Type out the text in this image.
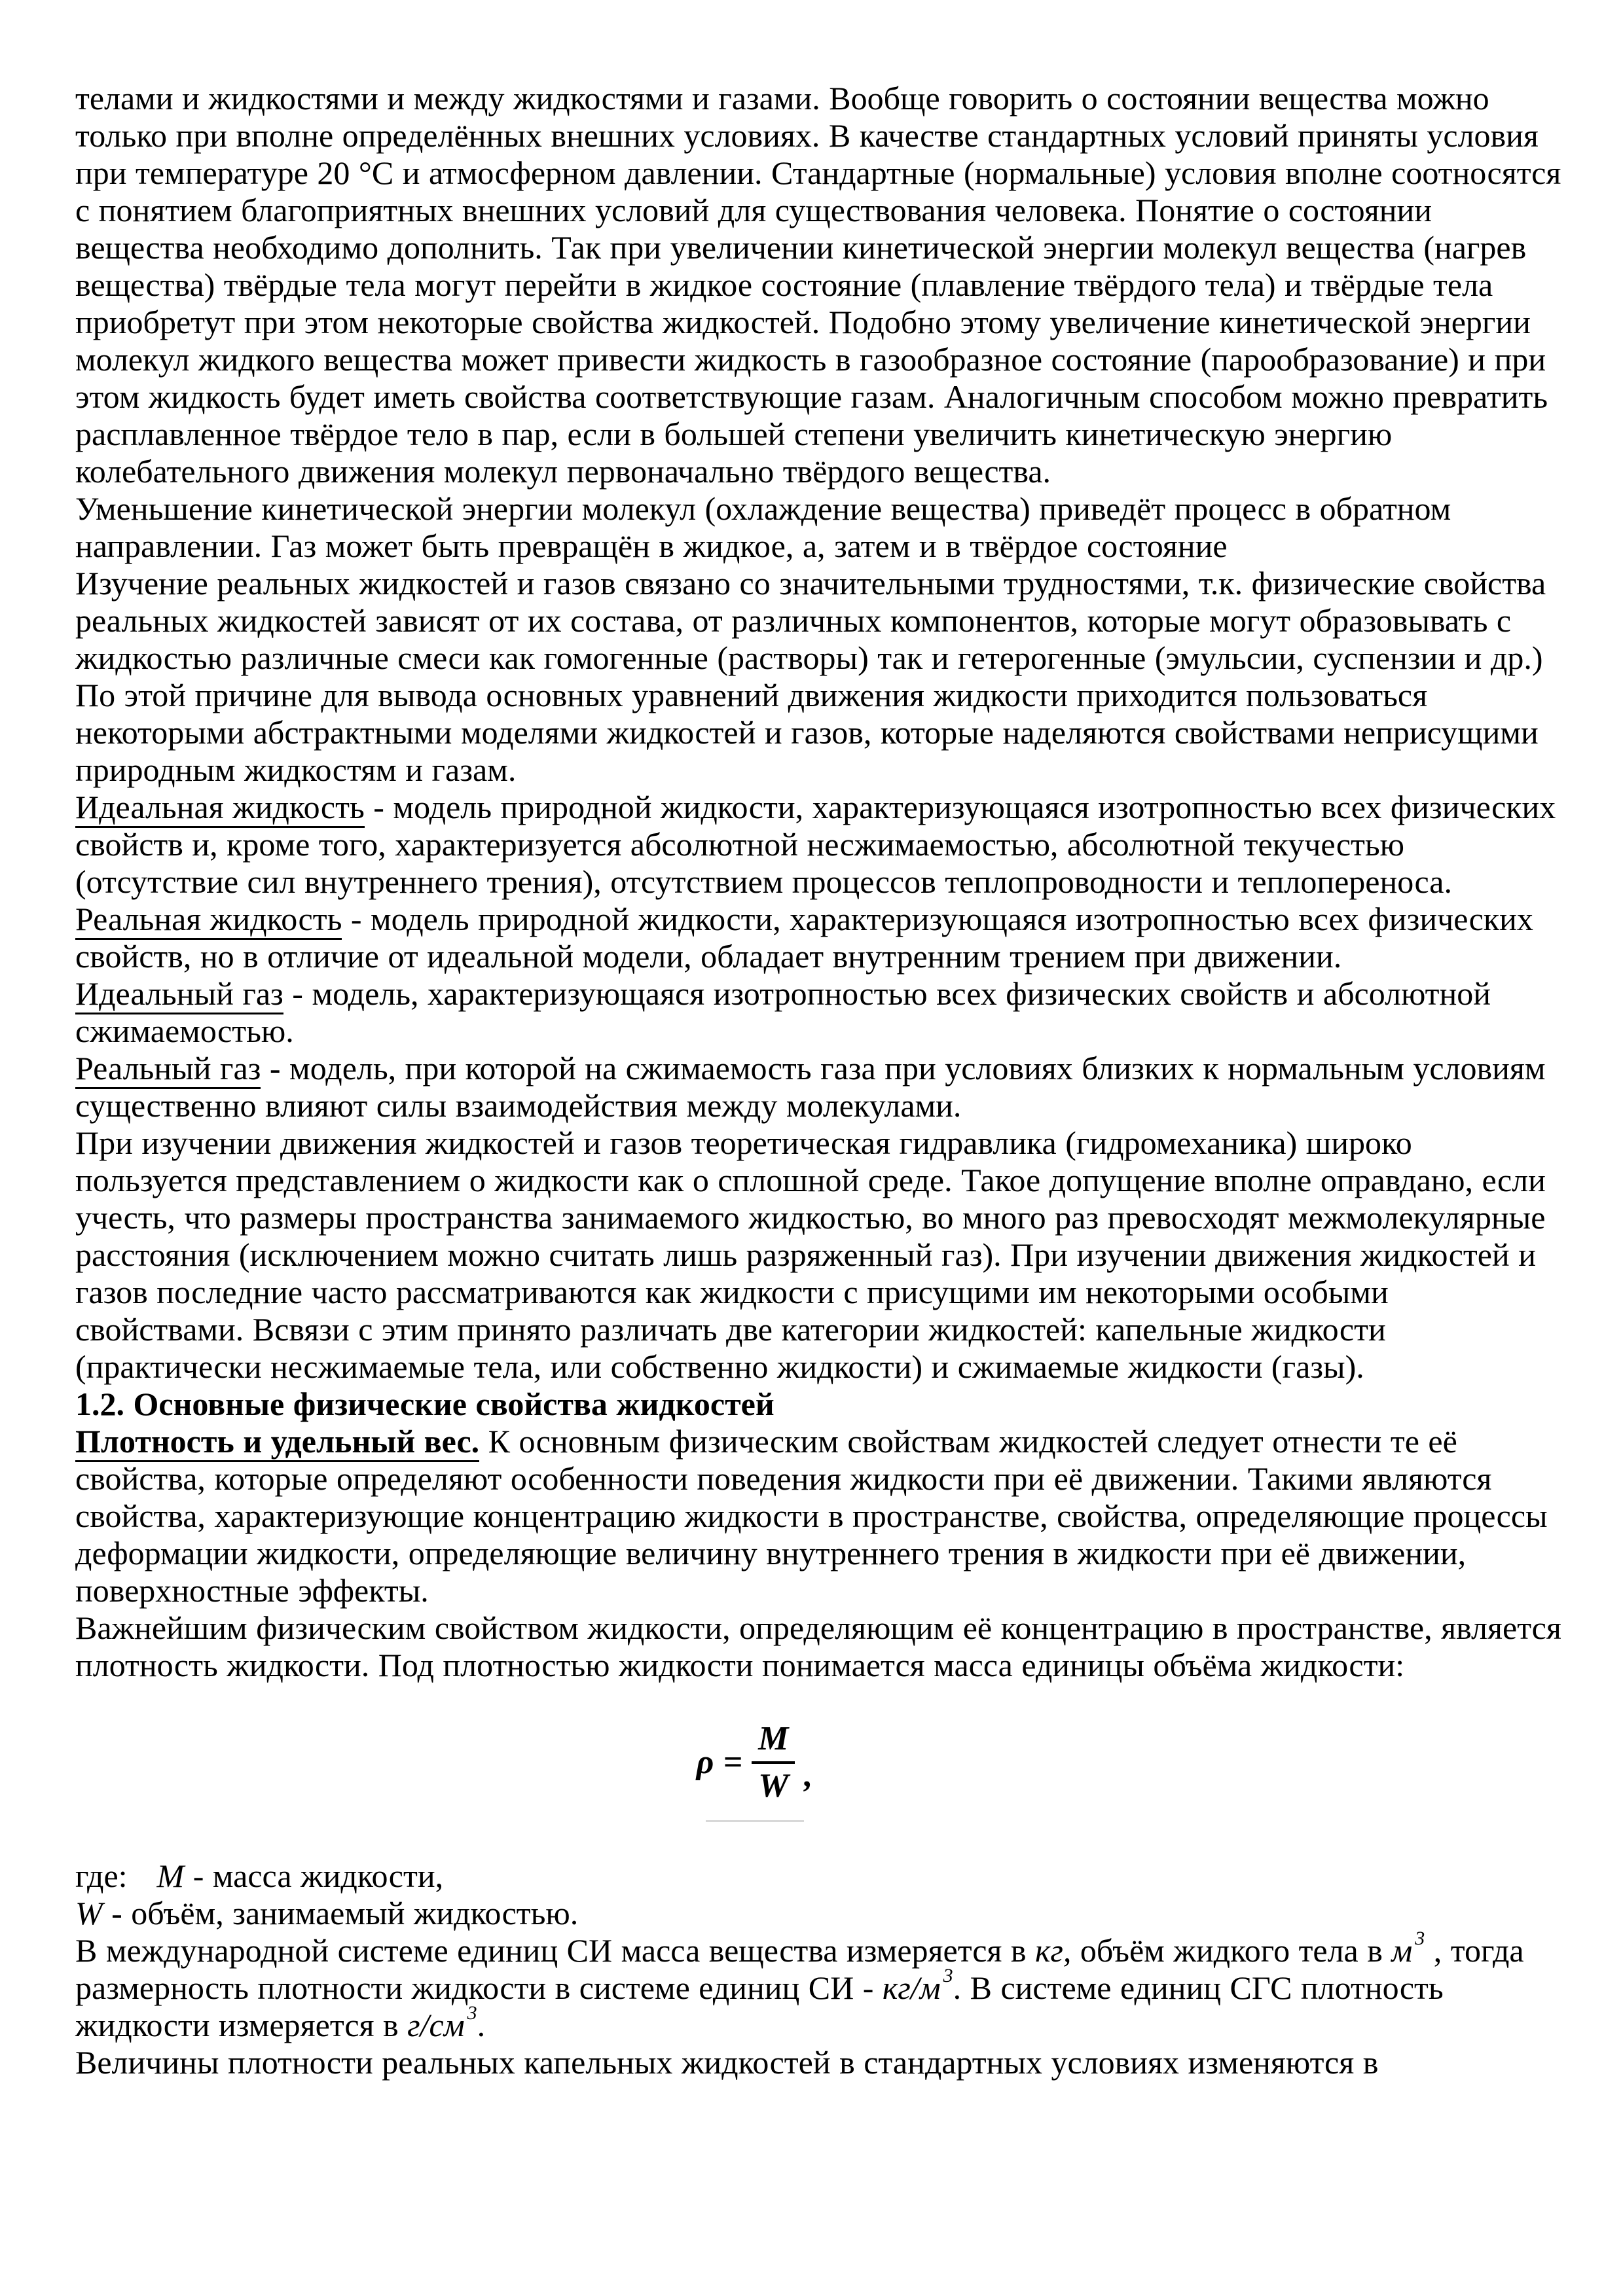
телами и жидкостями и между жидкостями и газами. Вообще говорить о состоянии вещества можно только при вполне определённых внешних условиях. В качестве стандартных условий приняты условия при температуре 20 °С и атмосферном давлении. Стандартные (нормальные) условия вполне соотносятся с понятием благоприятных внешних условий для существования человека. Понятие о состоянии вещества необходимо дополнить. Так при увеличении кинетической энергии молекул вещества (нагрев вещества) твёрдые тела могут перейти в жидкое состояние (плавление твёрдого тела) и твёрдые тела приобретут при этом некоторые свойства жидкостей. Подобно этому увеличение кинетической энергии молекул жидкого вещества может привести жидкость в газообразное состояние (парообразование) и при этом жидкость будет иметь свойства соответствующие газам. Аналогичным способом можно превратить расплавленное твёрдое тело в пар, если в большей степени увеличить кинетическую энергию колебательного движения молекул первоначально твёрдого вещества.

Уменьшение кинетической энергии молекул (охлаждение вещества) приведёт процесс в обратном направлении. Газ может быть превращён в жидкое, а, затем и в твёрдое состояние

Изучение реальных жидкостей и газов связано со значительными трудностями, т.к. физические свойства реальных жидкостей зависят от их состава, от различных компонентов, которые могут образовывать с жидкостью различные смеси как гомогенные (растворы) так и гетерогенные (эмульсии, суспензии и др.) По этой причине для вывода основных уравнений движения жидкости приходится пользоваться некоторыми абстрактными моделями жидкостей и газов, которые наделяются свойствами неприсущими природным жидкостям и газам.

Идеальная жидкость - модель природной жидкости, характеризующаяся изотропностью всех физических свойств и, кроме того, характеризуется абсолютной несжимаемостью, абсолютной текучестью (отсутствие сил внутреннего трения), отсутствием процессов теплопроводности и теплопереноса.

Реальная жидкость - модель природной жидкости, характеризующаяся изотропностью всех физических свойств, но в отличие от идеальной модели, обладает внутренним трением при движении.

Идеальный газ - модель, характеризующаяся изотропностью всех физических свойств и абсолютной сжимаемостью.

Реальный газ - модель, при которой на сжимаемость газа при условиях близких к нормальным условиям существенно влияют силы взаимодействия между молекулами.

При изучении движения жидкостей и газов теоретическая гидравлика (гидромеханика) широко пользуется представлением о жидкости как о сплошной среде. Такое допущение вполне оправдано, если учесть, что размеры пространства занимаемого жидкостью, во много раз превосходят межмолекулярные расстояния (исключением можно считать лишь разряженный газ). При изучении движения жидкостей и газов последние часто рассматриваются как жидкости с присущими им некоторыми особыми свойствами. Всвязи с этим принято различать две категории жидкостей: капельные жидкости (практически несжимаемые тела, или собственно жидкости) и сжимаемые жидкости (газы).

1.2. Основные физические свойства жидкостей

Плотность и удельный вес. К основным физическим свойствам жидкостей следует отнести те её свойства, которые определяют особенности поведения жидкости при её движении. Такими являются свойства, характеризующие концентрацию жидкости в пространстве, свойства, определяющие процессы деформации жидкости, определяющие величину внутреннего трения в жидкости при её движении, поверхностные эффекты.

Важнейшим физическим свойством жидкости, определяющим её концентрацию в пространстве, является плотность жидкости. Под плотностью жидкости понимается масса единицы объёма жидкости:

$\rho = \frac{M}{W}$ ,

где: М - масса жидкости,

W - объём, занимаемый жидкостью.

В международной системе единиц СИ масса вещества измеряется в кг, объём жидкого тела в м $^3$ , тогда размерность плотности жидкости в системе единиц СИ - кг/м $^3$. В системе единиц СГС плотность жидкости измеряется в г/см $^3$.

Величины плотности реальных капельных жидкостей в стандартных условиях изменяются в
